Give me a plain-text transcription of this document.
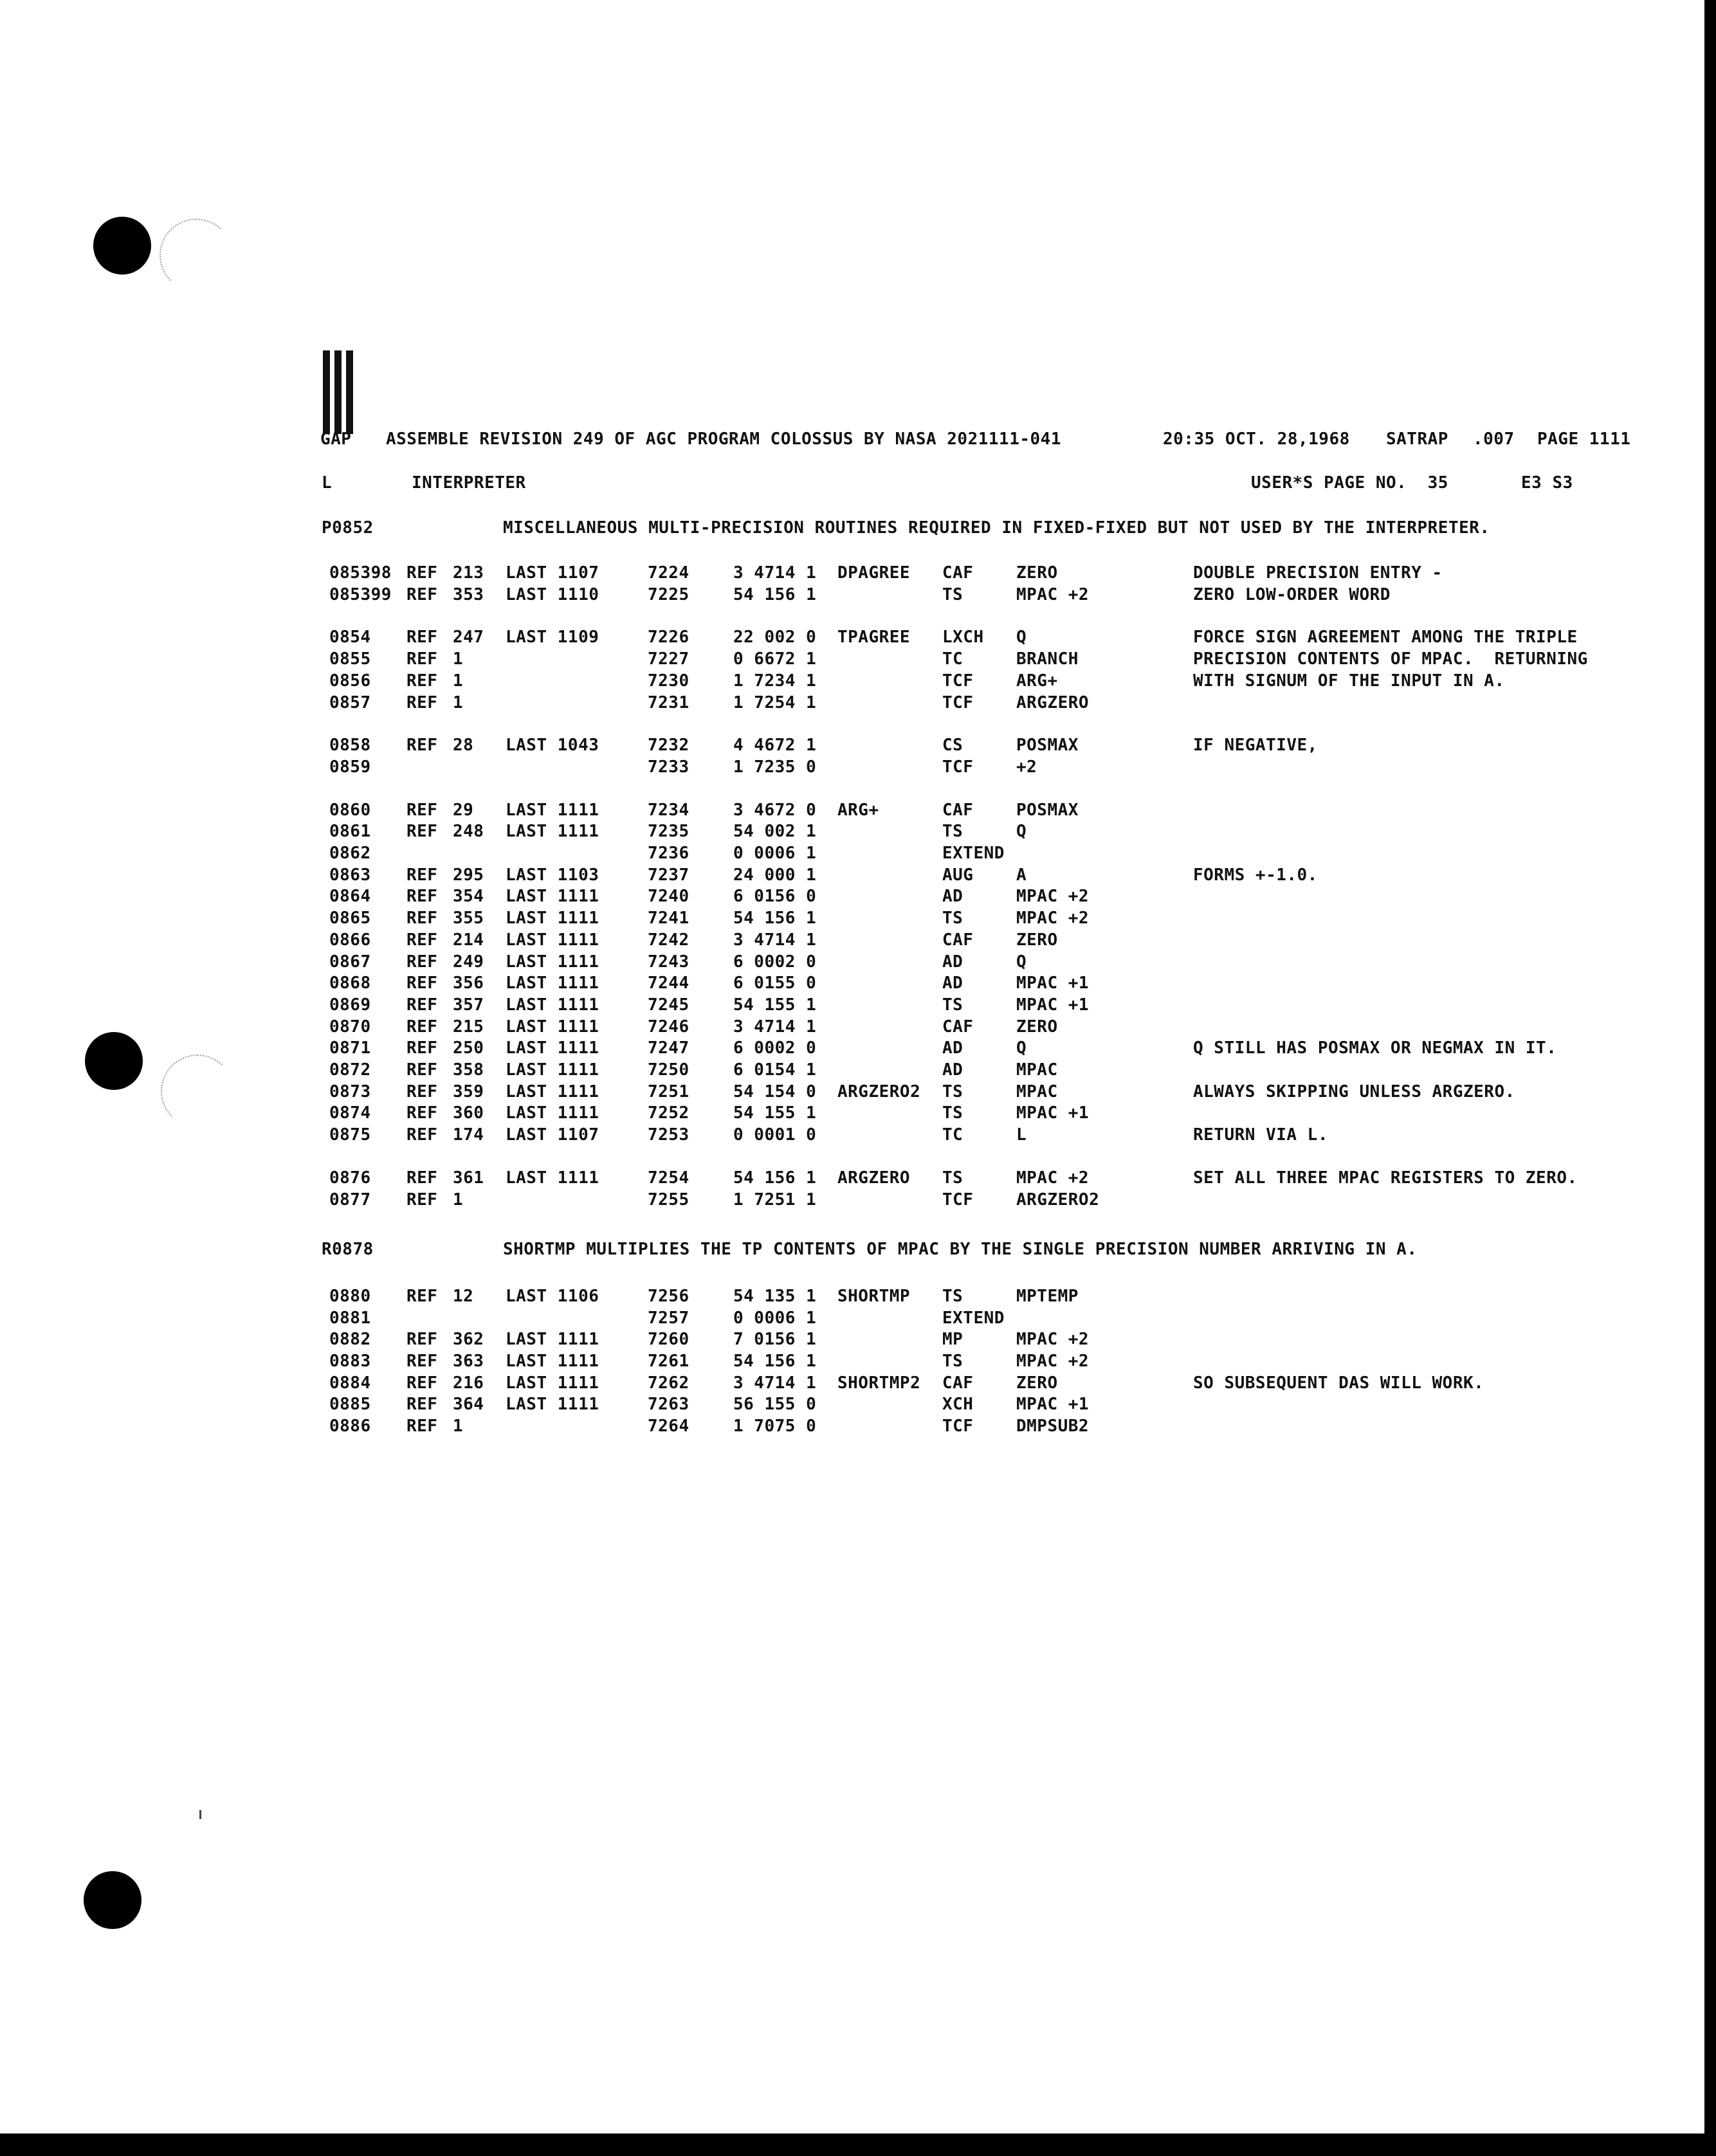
GAP ASSEMBLE REVISION 249 OF AGC PROGRAM COLOSSUS BY NASA 2021111-041	20:35 OCT. 28,1968 SATRAP .007 PAGE 1111
L	INTERPRETER	USER*S PAGE NO.  35	E3 S3
P0852	MISCELLANEOUS MULTI-PRECISION ROUTINES REQUIRED IN FIXED-FIXED BUT NOT USED BY THE INTERPRETER.
085398 REF 213 LAST 1107	7224	3 4714 1 DPAGREE CAF	ZERO	DOUBLE PRECISION ENTRY -
085399 REF 353 LAST 1110	7225	54 156 1	TS	MPAC +2	ZERO LOW-ORDER WORD
0854 REF 247 LAST 1109	7226	22 002 0 TPAGREE LXCH Q	FORCE SIGN AGREEMENT AMONG THE TRIPLE
0855 REF 1	7227	0 6672 1	TC	BRANCH	PRECISION CONTENTS OF MPAC.  RETURNING
0856 REF 1	7230	1 7234 1	TCF	ARG+	WITH SIGNUM OF THE INPUT IN A.
0857 REF 1	7231	1 7254 1	TCF	ARGZERO
0858 REF 28 LAST 1043	7232	4 4672 1	CS	POSMAX	IF NEGATIVE,
0859	7233	1 7235 0	TCF	+2
0860 REF 29 LAST 1111	7234	3 4672 0 ARG+	CAF	POSMAX
0861 REF 248 LAST 1111	7235	54 002 1	TS	Q
0862	7236	0 0006 1	EXTEND
0863 REF 295 LAST 1103	7237	24 000 1	AUG	A	FORMS +-1.0.
0864 REF 354 LAST 1111	7240	6 0156 0	AD	MPAC +2
0865 REF 355 LAST 1111	7241	54 156 1	TS	MPAC +2
0866 REF 214 LAST 1111	7242	3 4714 1	CAF	ZERO
0867 REF 249 LAST 1111	7243	6 0002 0	AD	Q
0868 REF 356 LAST 1111	7244	6 0155 0	AD	MPAC +1
0869 REF 357 LAST 1111	7245	54 155 1	TS	MPAC +1
0870 REF 215 LAST 1111	7246	3 4714 1	CAF	ZERO
0871 REF 250 LAST 1111	7247	6 0002 0	AD	Q	Q STILL HAS POSMAX OR NEGMAX IN IT.
0872 REF 358 LAST 1111	7250	6 0154 1	AD	MPAC
0873 REF 359 LAST 1111	7251	54 154 0 ARGZERO2 TS	MPAC	ALWAYS SKIPPING UNLESS ARGZERO.
0874 REF 360 LAST 1111	7252	54 155 1	TS	MPAC +1
0875 REF 174 LAST 1107	7253	0 0001 0	TC	L	RETURN VIA L.
0876 REF 361 LAST 1111	7254	54 156 1 ARGZERO TS	MPAC +2	SET ALL THREE MPAC REGISTERS TO ZERO.
0877 REF 1	7255	1 7251 1	TCF	ARGZERO2
R0878	SHORTMP MULTIPLIES THE TP CONTENTS OF MPAC BY THE SINGLE PRECISION NUMBER ARRIVING IN A.
0880 REF 12 LAST 1106	7256	54 135 1 SHORTMP TS	MPTEMP
0881	7257	0 0006 1	EXTEND
0882 REF 362 LAST 1111	7260	7 0156 1	MP	MPAC +2
0883 REF 363 LAST 1111	7261	54 156 1	TS	MPAC +2
0884 REF 216 LAST 1111	7262	3 4714 1 SHORTMP2 CAF	ZERO	SO SUBSEQUENT DAS WILL WORK.
0885 REF 364 LAST 1111	7263	56 155 0	XCH	MPAC +1
0886 REF 1	7264	1 7075 0	TCF	DMPSUB2
